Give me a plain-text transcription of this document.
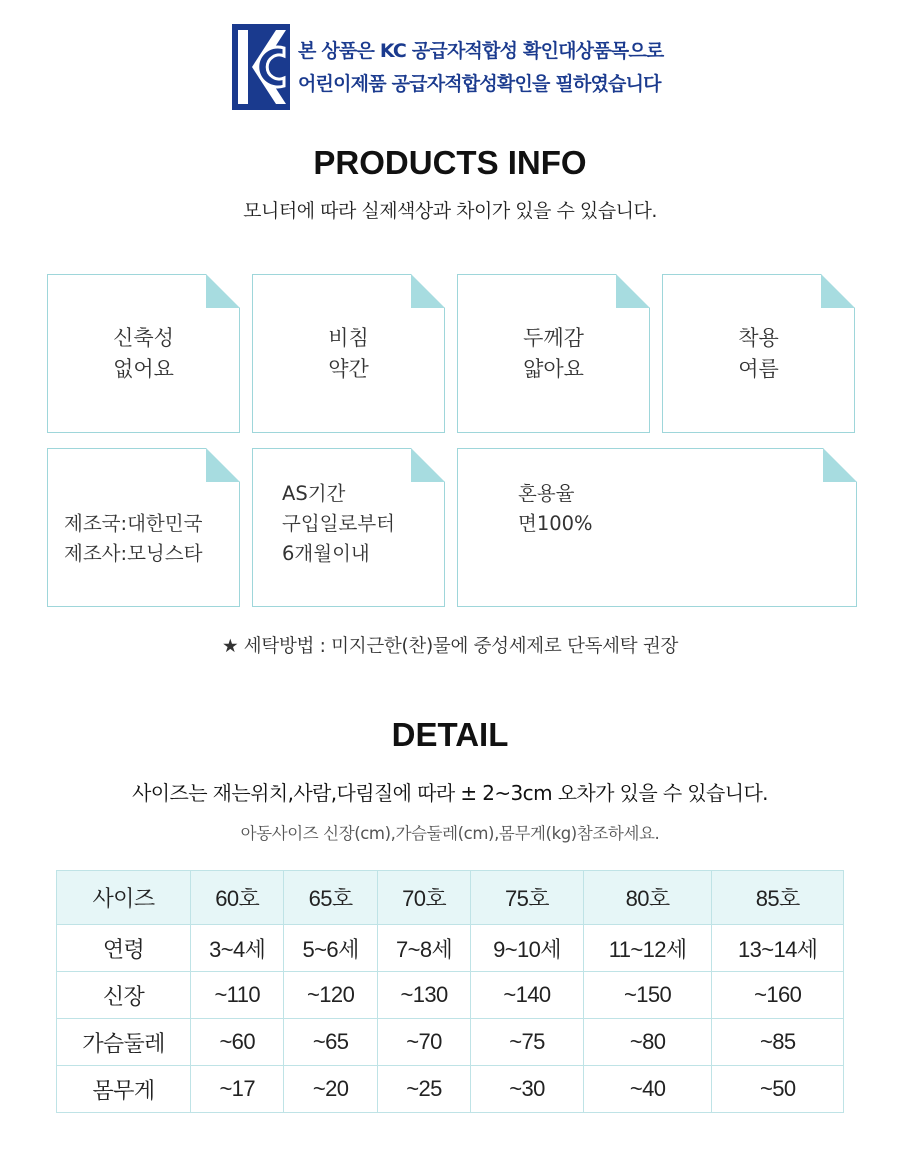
본 상품은 KC 공급자적합성 확인대상품목으로
어린이제품 공급자적합성확인을 필하였습니다
PRODUCTS INFO
모니터에 따라 실제색상과 차이가 있을 수 있습니다.
신축성
없어요
비침
약간
두께감
얇아요
착용
여름
제조국:대한민국
제조사:모닝스타
AS기간
구입일로부터
6개월이내
혼용율
면100%
★ 세탁방법 : 미지근한(찬)물에 중성세제로 단독세탁 권장
DETAIL
사이즈는 재는위치,사람,다림질에 따라 ± 2~3cm 오차가 있을 수 있습니다.
아동사이즈 신장(cm),가슴둘레(cm),몸무게(kg)참조하세요.
사이즈	60호	65호	70호	75호	80호	85호
연령	3~4세	5~6세	7~8세	9~10세	11~12세	13~14세
신장	~110	~120	~130	~140	~150	~160
가슴둘레	~60	~65	~70	~75	~80	~85
몸무게	~17	~20	~25	~30	~40	~50
